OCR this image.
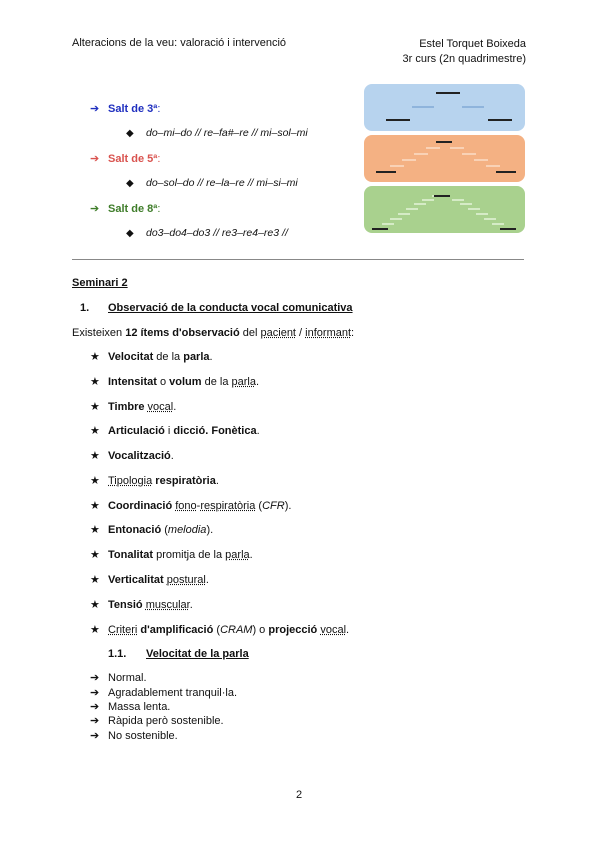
Alteracions de la veu: valoració i intervenció	Estel Torquet Boixeda
3r curs (2n quadrimestre)
➔ Salt de 3ª:
◆ do–mi–do // re–fa#–re // mi–sol–mi
➔ Salt de 5ª:
◆ do–sol–do // re–la–re // mi–si–mi
➔ Salt de 8ª:
◆ do3–do4–do3 // re3–re4–re3 //
Seminari 2
1. Observació de la conducta vocal comunicativa
Existeixen 12 ítems d'observació del pacient / informant:
★ Velocitat de la parla.
★ Intensitat o volum de la parla.
★ Timbre vocal.
★ Articulació i dicció. Fonètica.
★ Vocalització.
★ Tipologia respiratòria.
★ Coordinació fono-respiratòria (CFR).
★ Entonació (melodia).
★ Tonalitat promitja de la parla.
★ Verticalitat postural.
★ Tensió muscular.
★ Criteri d'amplificació (CRAM) o projecció vocal.
1.1. Velocitat de la parla
➔ Normal.
➔ Agradablement tranquil·la.
➔ Massa lenta.
➔ Ràpida però sostenible.
➔ No sostenible.
2
